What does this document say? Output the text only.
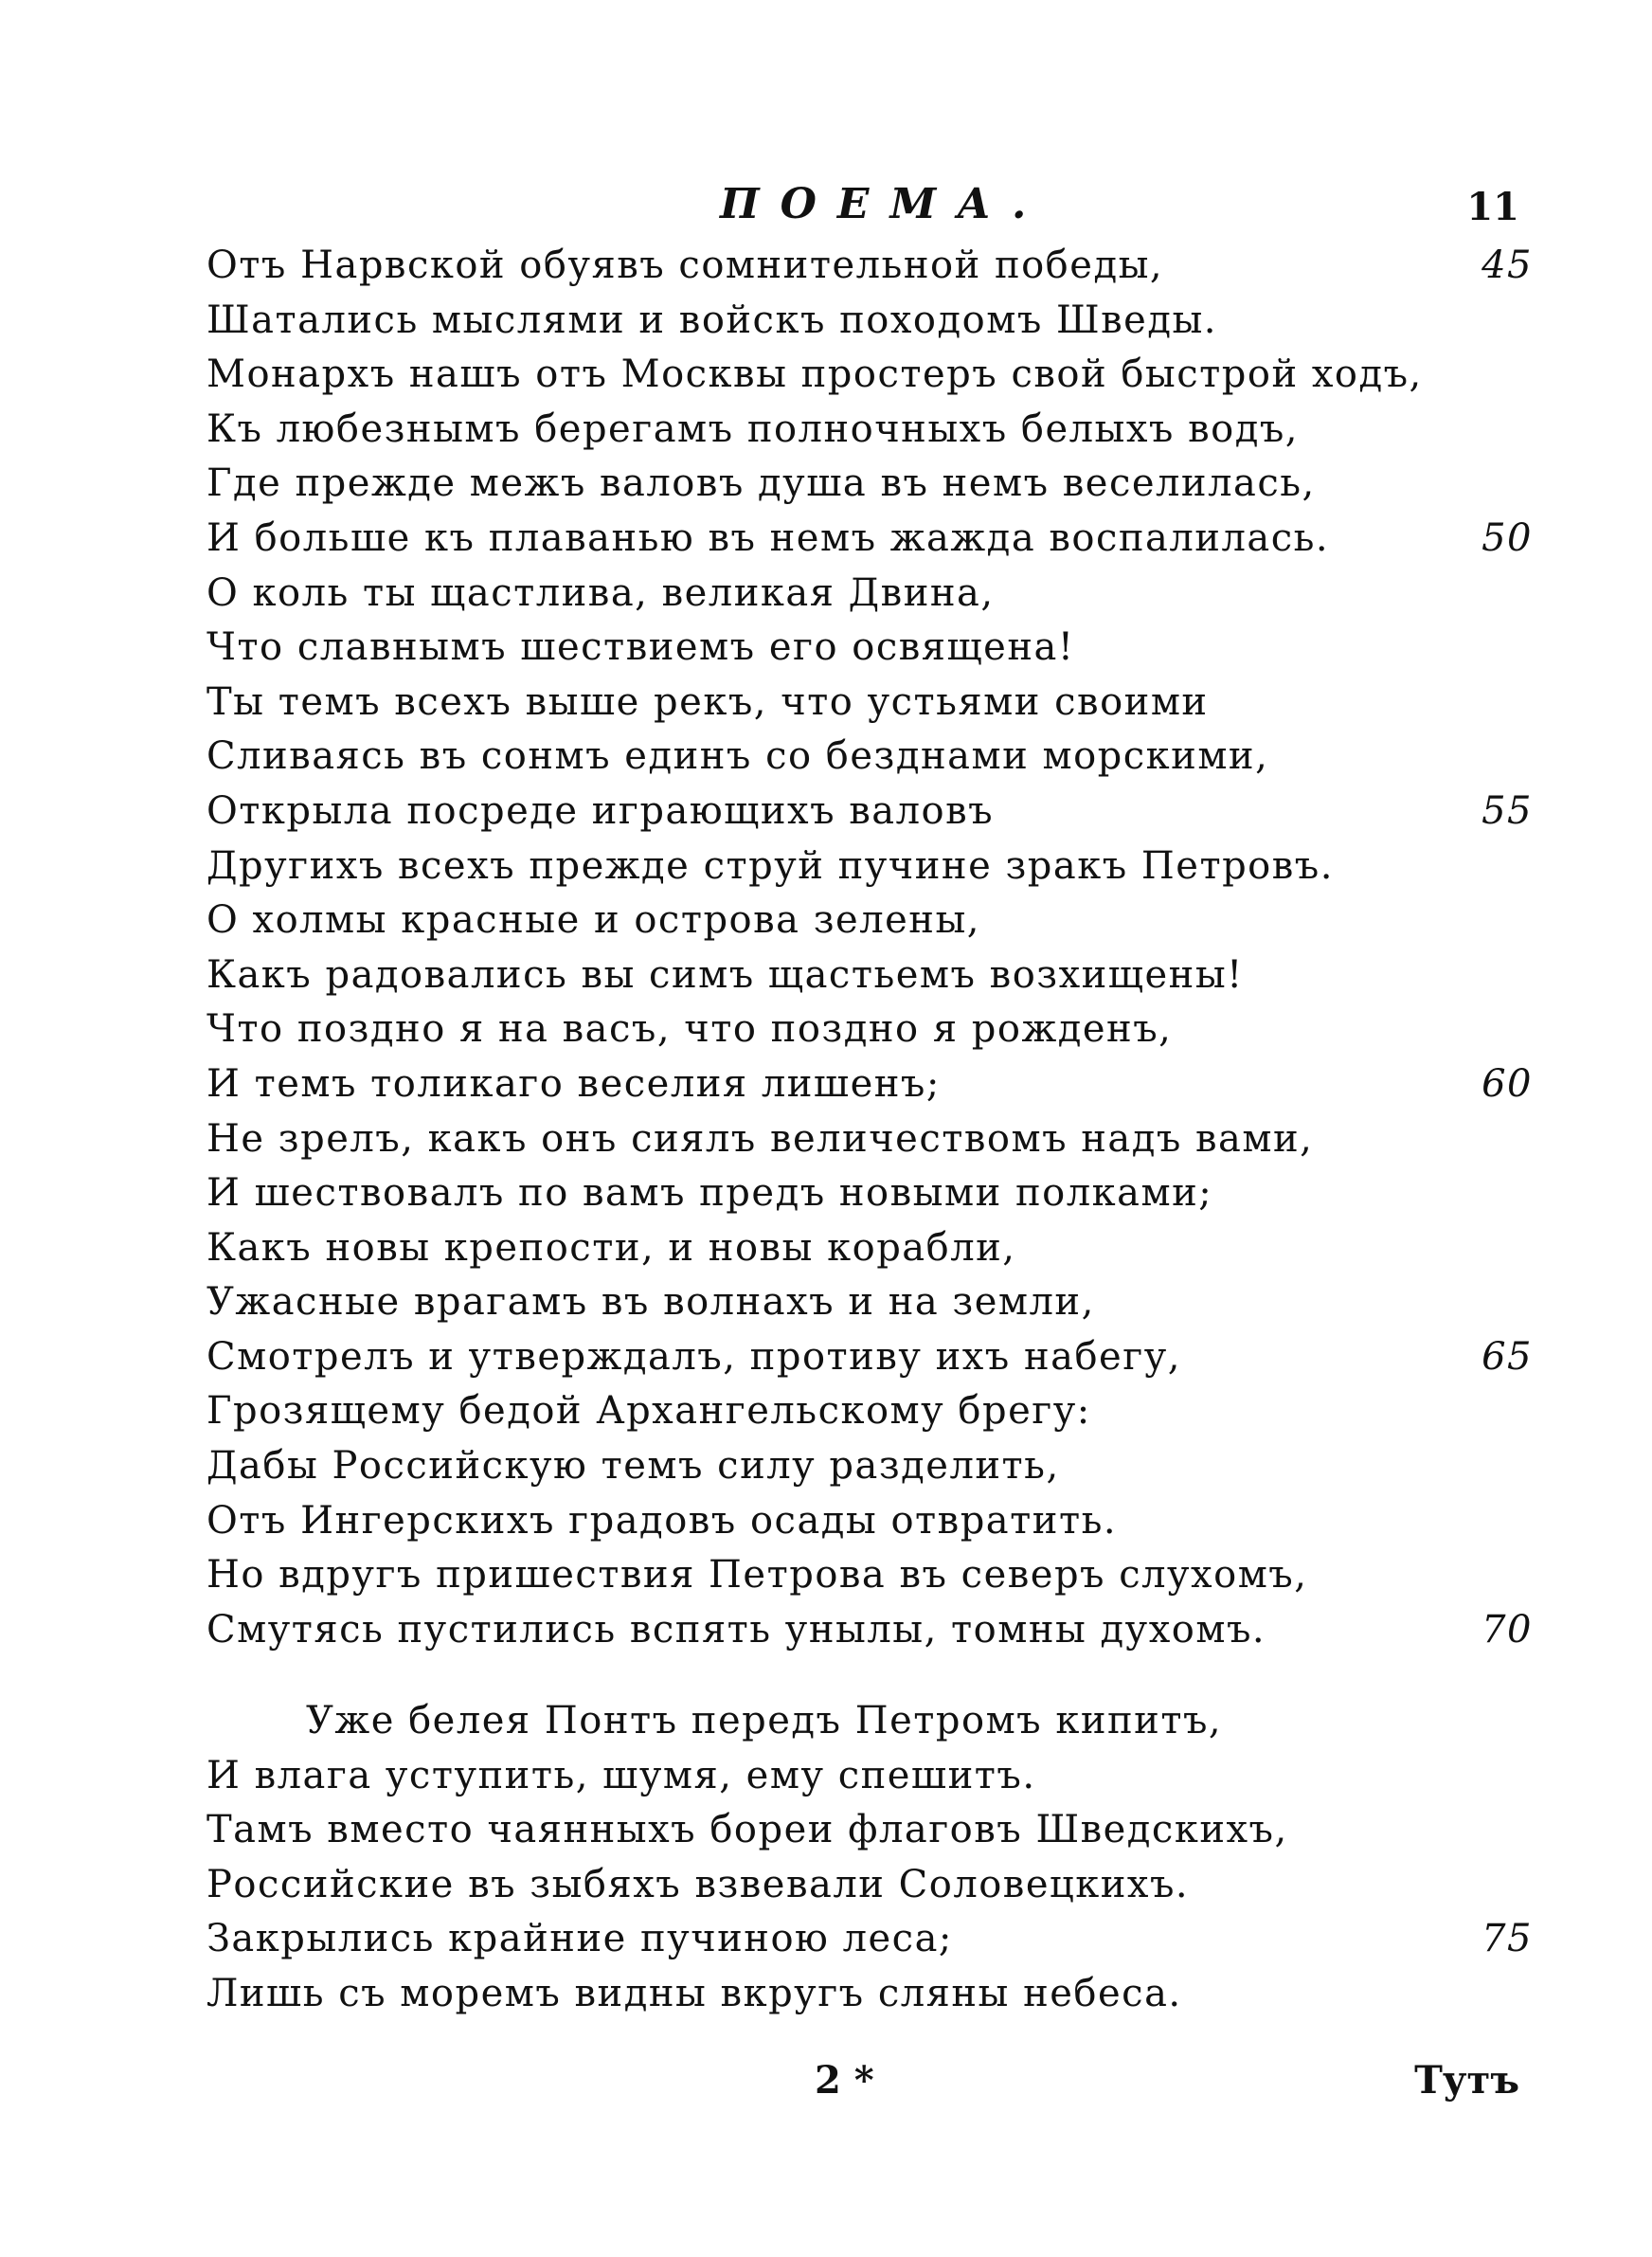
ПОЕМА.	11
Отъ Нарвской обуявъ сомнительной победы,	45
Шатались мыслями и войскъ походомъ Шведы.
Монархъ нашъ отъ Москвы простеръ свой быстрой ходъ,
Къ любезнымъ берегамъ полночныхъ белыхъ водъ,
Где прежде межъ валовъ душа въ немъ веселилась,
И больше къ плаванью въ немъ жажда воспалилась.	50
О коль ты щастлива, великая Двина,
Что славнымъ шествиемъ его освящена!
Ты темъ всехъ выше рекъ, что устьями своими
Сливаясь въ сонмъ единъ со безднами морскими,
Открыла посреде играющихъ валовъ	55
Другихъ всехъ прежде струй пучине зракъ Петровъ.
О холмы красные и острова зелены,
Какъ радовались вы симъ щастьемъ возхищены!
Что поздно я на васъ, что поздно я рожденъ,
И темъ толикаго веселия лишенъ;	60
Не зрелъ, какъ онъ сиялъ величествомъ надъ вами,
И шествовалъ по вамъ предъ новыми полками;
Какъ новы крепости, и новы корабли,
Ужасные врагамъ въ волнахъ и на земли,
Смотрелъ и утверждалъ, противу ихъ набегу,	65
Грозящему бедой Архангельскому брегу:
Дабы Российскую темъ силу разделить,
Отъ Ингерскихъ градовъ осады отвратить.
Но вдругъ пришествия Петрова въ северъ слухомъ,
Смутясь пустились вспять унылы, томны духомъ.	70
Уже белея Понтъ передъ Петромъ кипитъ,
И влага уступить, шумя, ему спешитъ.
Тамъ вместо чаянныхъ бореи флаговъ Шведскихъ,
Российские въ зыбяхъ взвевали Соловецкихъ.
Закрылись крайние пучиною леса;	75
Лишь съ моремъ видны вкругъ сляны небеса.
2 *	Тутъ
